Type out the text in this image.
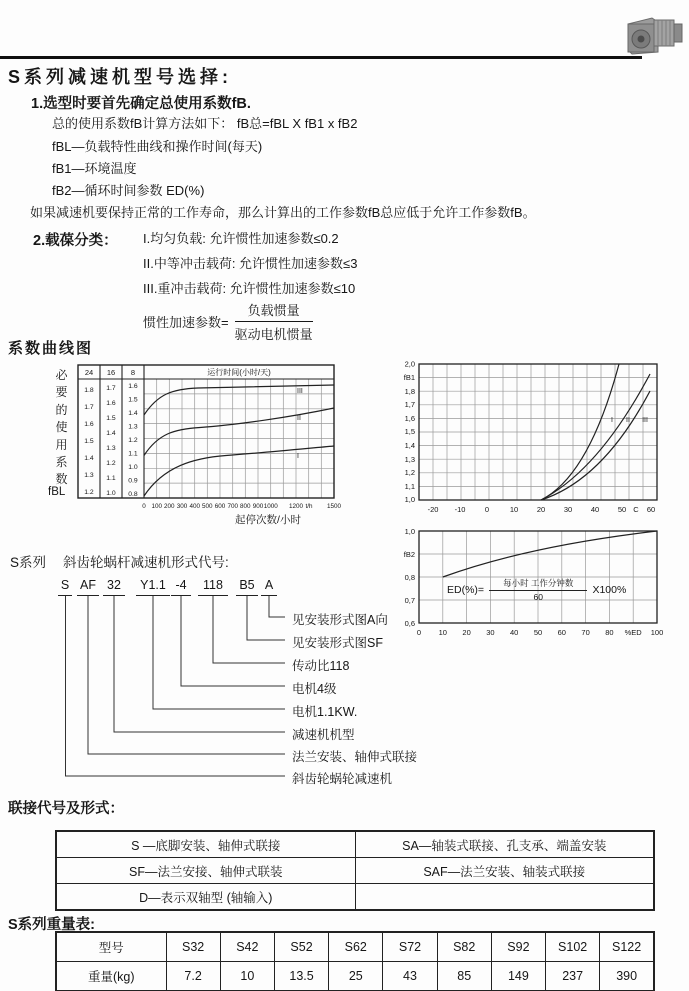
S系列减速机型号选择:
1.选型时要首先确定总使用系数fB.
总的使用系数fB计算方法如下： fB总=fBL X fB1 x fB2
fBL—负载特性曲线和操作时间(每天)
fB1—环境温度
fB2—循环时间参数 ED(%)
如果减速机要保持正常的工作寿命，那么计算出的工作参数fB总应低于允许工作参数fB。
2.载葆分类： I.均匀负载: 允许惯性加速参数≤0.2
II.中等冲击载荷: 允许惯性加速参数≤3
III.重冲击载荷: 允许惯性加速参数≤10
惯性加速参数= $\frac{\text{负载惯量}}{\text{驱动电机惯量}}$
系数曲线图
必要的使用系数
fBL
24 16 8	运行时间(小时/天)
1.8
1.7
1.6
1.5
1.4
1.3
1.2
1.7
1.6
1.5
1.4
1.3
1.2
1.1
1.0
1.6
1.5
1.4
1.3
1.2
1.1
1.0
0.9
0.8
III
II
I
0 100 200 300 400 500 600 700 800 900 1000 1200 t/h 1500
起停次数/小时
2,0
fB1
1,8
1,7
1,6
1,5
1,4
1,3
1,2
1,1
1,0
I II III
-20 -10	0	10 20 30 40 50 C 60
1,0
fB2
0,8
0,7
0,6
0 10 20 30 40 50 60 70 80 %ED 100
$ED(\%)= \frac{\text{每小时 工作分钟数}}{60} X100\%$
S系列 斜齿轮蜗杆减速机形式代号:
S AF 32	Y1.1 -4	118	B5 A
见安装形式图A向
见安装形式图SF
传动比118
电机4级
电机1.1KW.
减速机机型
法兰安装、轴伸式联接
斜齿轮蜗轮减速机
联接代号及形式：
S —底脚安装、轴伸式联接	SA—轴装式联接、孔支承、端盖安装
SF—法兰安接、轴伸式联装	SAF—法兰安装、轴装式联接
D—表示双轴型 (轴输入)	
S系列重量表:
型号	S32	S42	S52	S62	S72	S82	S92	S102	S122
重量(kg)	7.2	10	13.5	25	43	85	149	237	390
